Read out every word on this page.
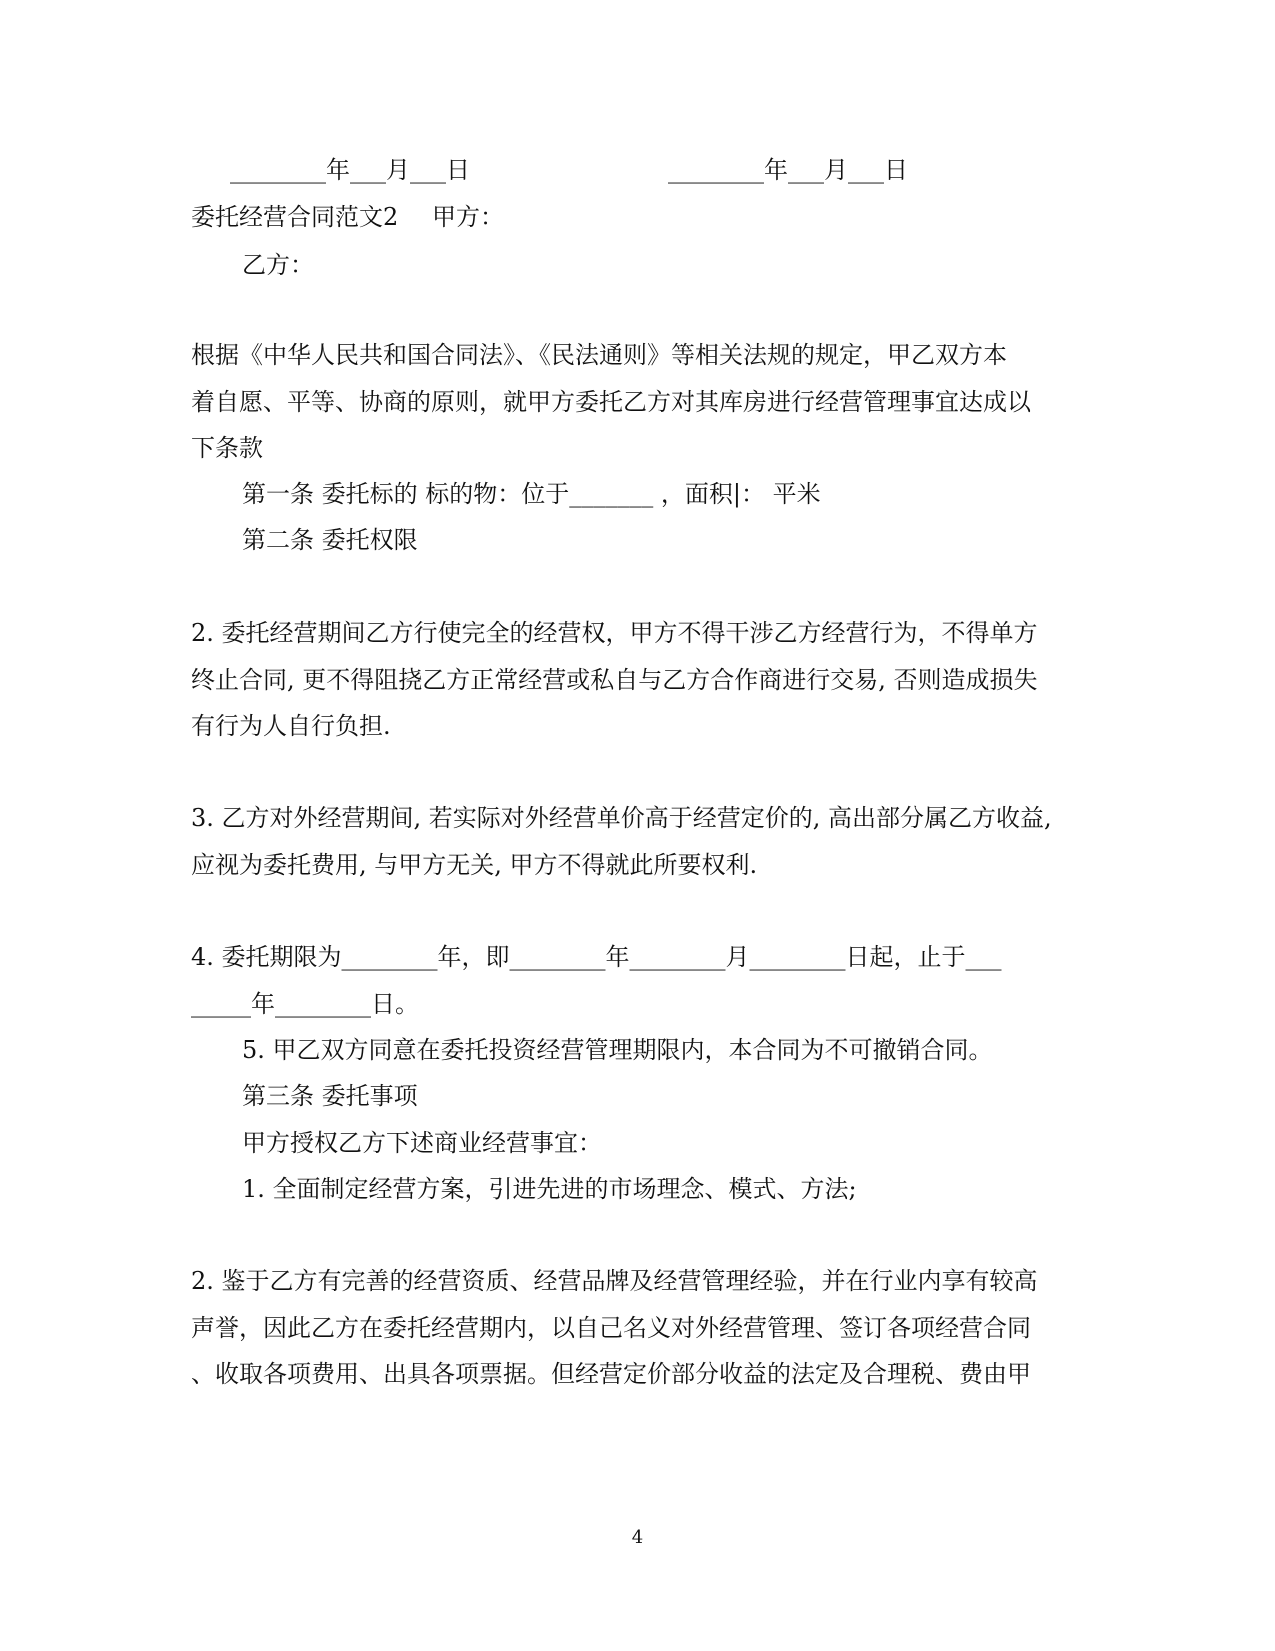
________年___月___日	________年___月___日
委托经营合同范文2 甲方：
乙方：
根据《中华人民共和国合同法》、《民法通则》等相关法规的规定，甲乙双方本
着自愿、平等、协商的原则，就甲方委托乙方对其库房进行经营管理事宜达成以
下条款
第一条 委托标的 标的物：位于_______ ，面积|： 平米
第二条 委托权限
2. 委托经营期间乙方行使完全的经营权，甲方不得干涉乙方经营行为，不得单方
终止合同, 更不得阻挠乙方正常经营或私自与乙方合作商进行交易, 否则造成损失
有行为人自行负担.
3. 乙方对外经营期间, 若实际对外经营单价高于经营定价的, 高出部分属乙方收益,
应视为委托费用, 与甲方无关, 甲方不得就此所要权利.
4. 委托期限为________年，即________年________月________日起，止于___
_____年________日。
5. 甲乙双方同意在委托投资经营管理期限内，本合同为不可撤销合同。
第三条 委托事项
甲方授权乙方下述商业经营事宜：
1. 全面制定经营方案，引进先进的市场理念、模式、方法;
2. 鉴于乙方有完善的经营资质、经营品牌及经营管理经验，并在行业内享有较高
声誉，因此乙方在委托经营期内，以自己名义对外经营管理、签订各项经营合同
、收取各项费用、出具各项票据。但经营定价部分收益的法定及合理税、费由甲
4
